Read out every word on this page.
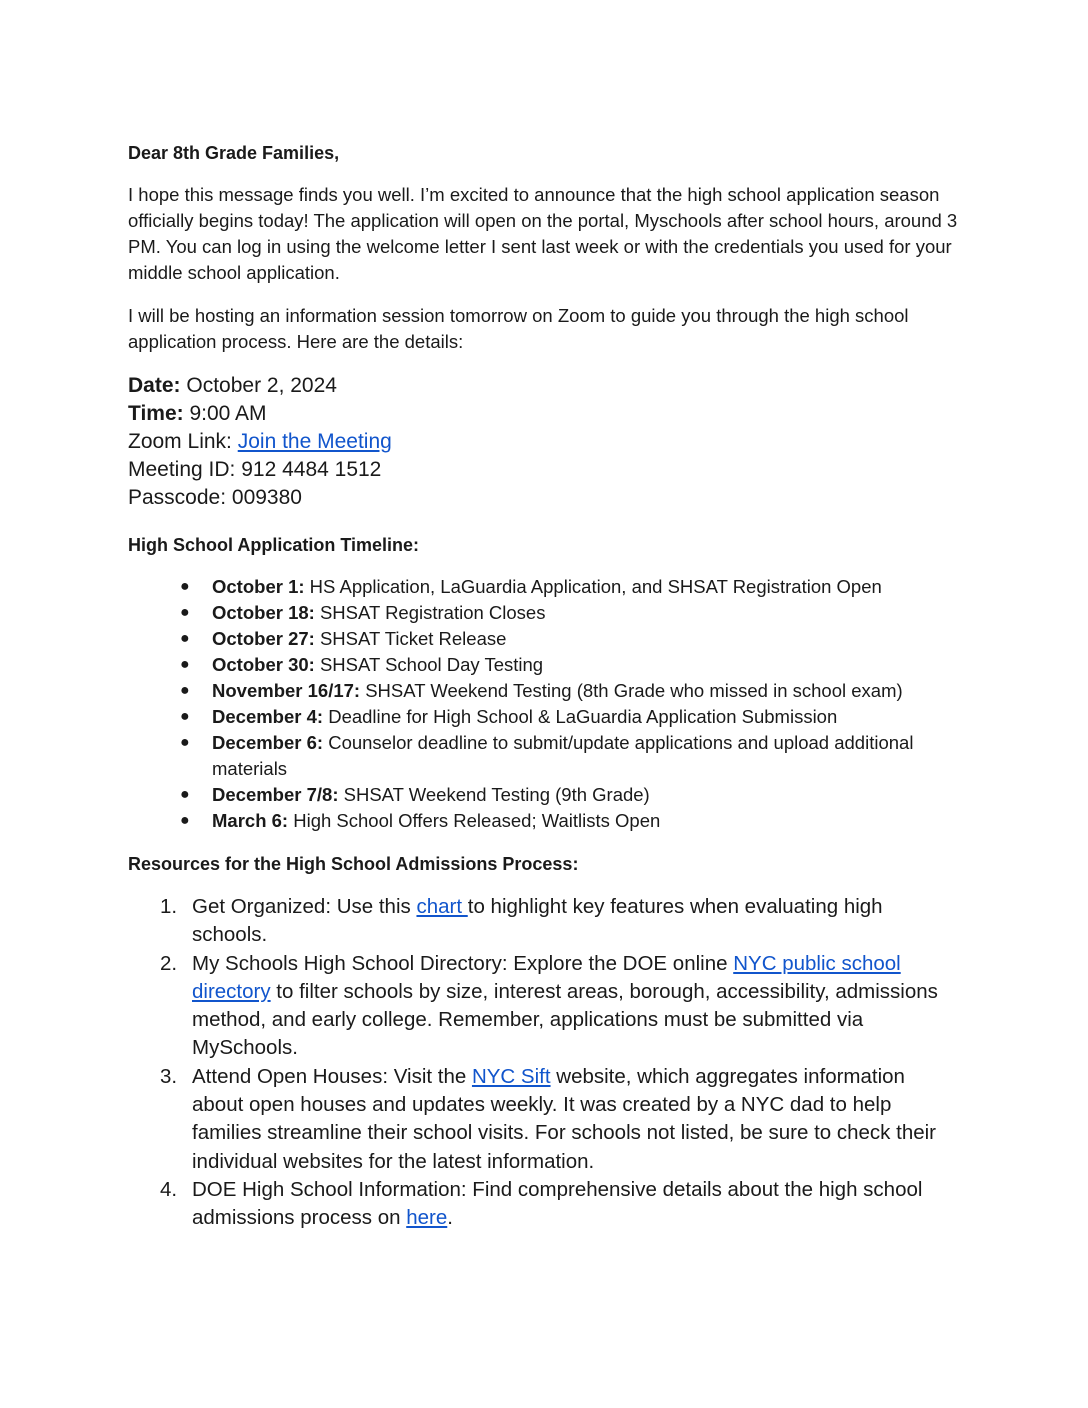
Dear 8th Grade Families,

I hope this message finds you well. I’m excited to announce that the high school application season officially begins today! The application will open on the portal, Myschools after school hours, around 3 PM. You can log in using the welcome letter I sent last week or with the credentials you used for your middle school application.

I will be hosting an information session tomorrow on Zoom to guide you through the high school application process. Here are the details:

Date: October 2, 2024
Time: 9:00 AM
Zoom Link: Join the Meeting
Meeting ID: 912 4484 1512
Passcode: 009380

High School Application Timeline:

● October 1: HS Application, LaGuardia Application, and SHSAT Registration Open
● October 18: SHSAT Registration Closes
● October 27: SHSAT Ticket Release
● October 30: SHSAT School Day Testing
● November 16/17: SHSAT Weekend Testing (8th Grade who missed in school exam)
● December 4: Deadline for High School & LaGuardia Application Submission
● December 6: Counselor deadline to submit/update applications and upload additional materials
● December 7/8: SHSAT Weekend Testing (9th Grade)
● March 6: High School Offers Released; Waitlists Open

Resources for the High School Admissions Process:

1. Get Organized: Use this chart to highlight key features when evaluating high schools.
2. My Schools High School Directory: Explore the DOE online NYC public school directory to filter schools by size, interest areas, borough, accessibility, admissions method, and early college. Remember, applications must be submitted via MySchools.
3. Attend Open Houses: Visit the NYC Sift website, which aggregates information about open houses and updates weekly. It was created by a NYC dad to help families streamline their school visits. For schools not listed, be sure to check their individual websites for the latest information.
4. DOE High School Information: Find comprehensive details about the high school admissions process on here.
